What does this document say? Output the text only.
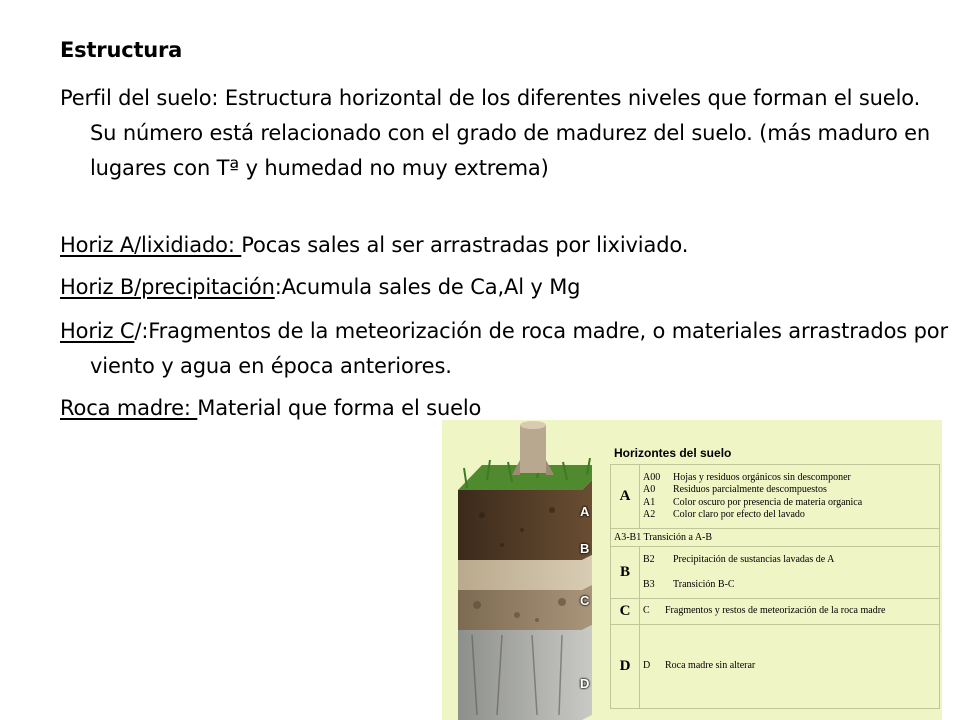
Estructura
Perfil del suelo: Estructura horizontal de los diferentes niveles que forman el suelo. Su número está relacionado con el grado de madurez del suelo. (más maduro en lugares con Tª y humedad no muy extrema)
Horiz A/lixidiado: Pocas sales al ser arrastradas por lixiviado.
Horiz B/precipitación:Acumula sales de Ca,Al y Mg
Horiz C/:Fragmentos de la meteorización de roca madre, o materiales arrastrados por viento y agua en época anteriores.
Roca madre: Material que forma el suelo
A
B
C
D
Horizontes del suelo
A	A00 Hojas y residuos orgánicos sin descomponer
A0 Residuos parcialmente descompuestos
A1 Color oscuro por presencia de materia organica
A2 Color claro por efecto del lavado

A3-B1 Transición a A-B	
B	B2 Precipitación de sustancias lavadas de A

B3 Transición B-C

C	C Fragmentos y restos de meteorización de la roca madre

D	D Roca madre sin alterar
